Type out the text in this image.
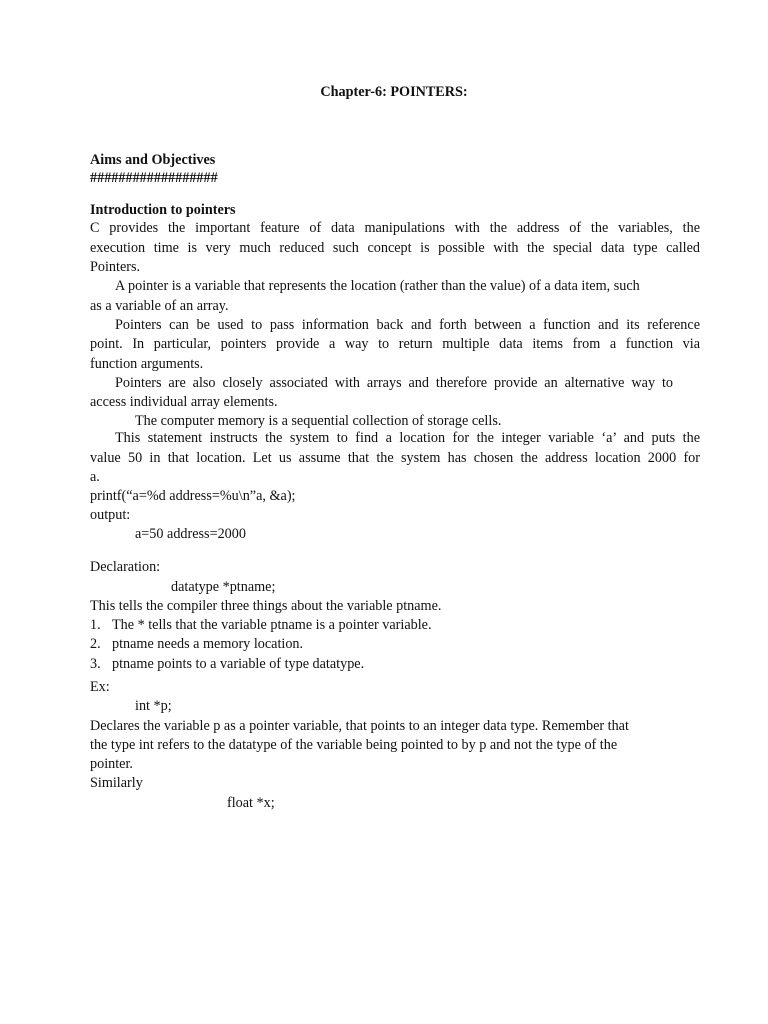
Chapter-6: POINTERS:
Aims and Objectives
##################
Introduction to pointers
C provides the important feature of data manipulations with the address of the variables, the
execution time is very much reduced such concept is possible with the special data type called
Pointers.
A pointer is a variable that represents the location (rather than the value) of a data item, such
as a variable of an array.
Pointers can be used to pass information back and forth between a function and its reference
point. In particular, pointers provide a way to return multiple data items from a function via
function arguments.
Pointers are also closely associated with arrays and therefore provide an alternative way to
access individual array elements.
The computer memory is a sequential collection of storage cells.
This statement instructs the system to find a location for the integer variable ‘a’ and puts the
value 50 in that location. Let us assume that the system has chosen the address location 2000 for
a.
printf(“a=%d address=%u\n”a, &a);
output:
a=50 address=2000
Declaration:
datatype *ptname;
This tells the compiler three things about the variable ptname.
1. The * tells that the variable ptname is a pointer variable.
2. ptname needs a memory location.
3. ptname points to a variable of type datatype.
Ex:
int *p;
Declares the variable p as a pointer variable, that points to an integer data type. Remember that
the type int refers to the datatype of the variable being pointed to by p and not the type of the
pointer.
Similarly
float *x;
